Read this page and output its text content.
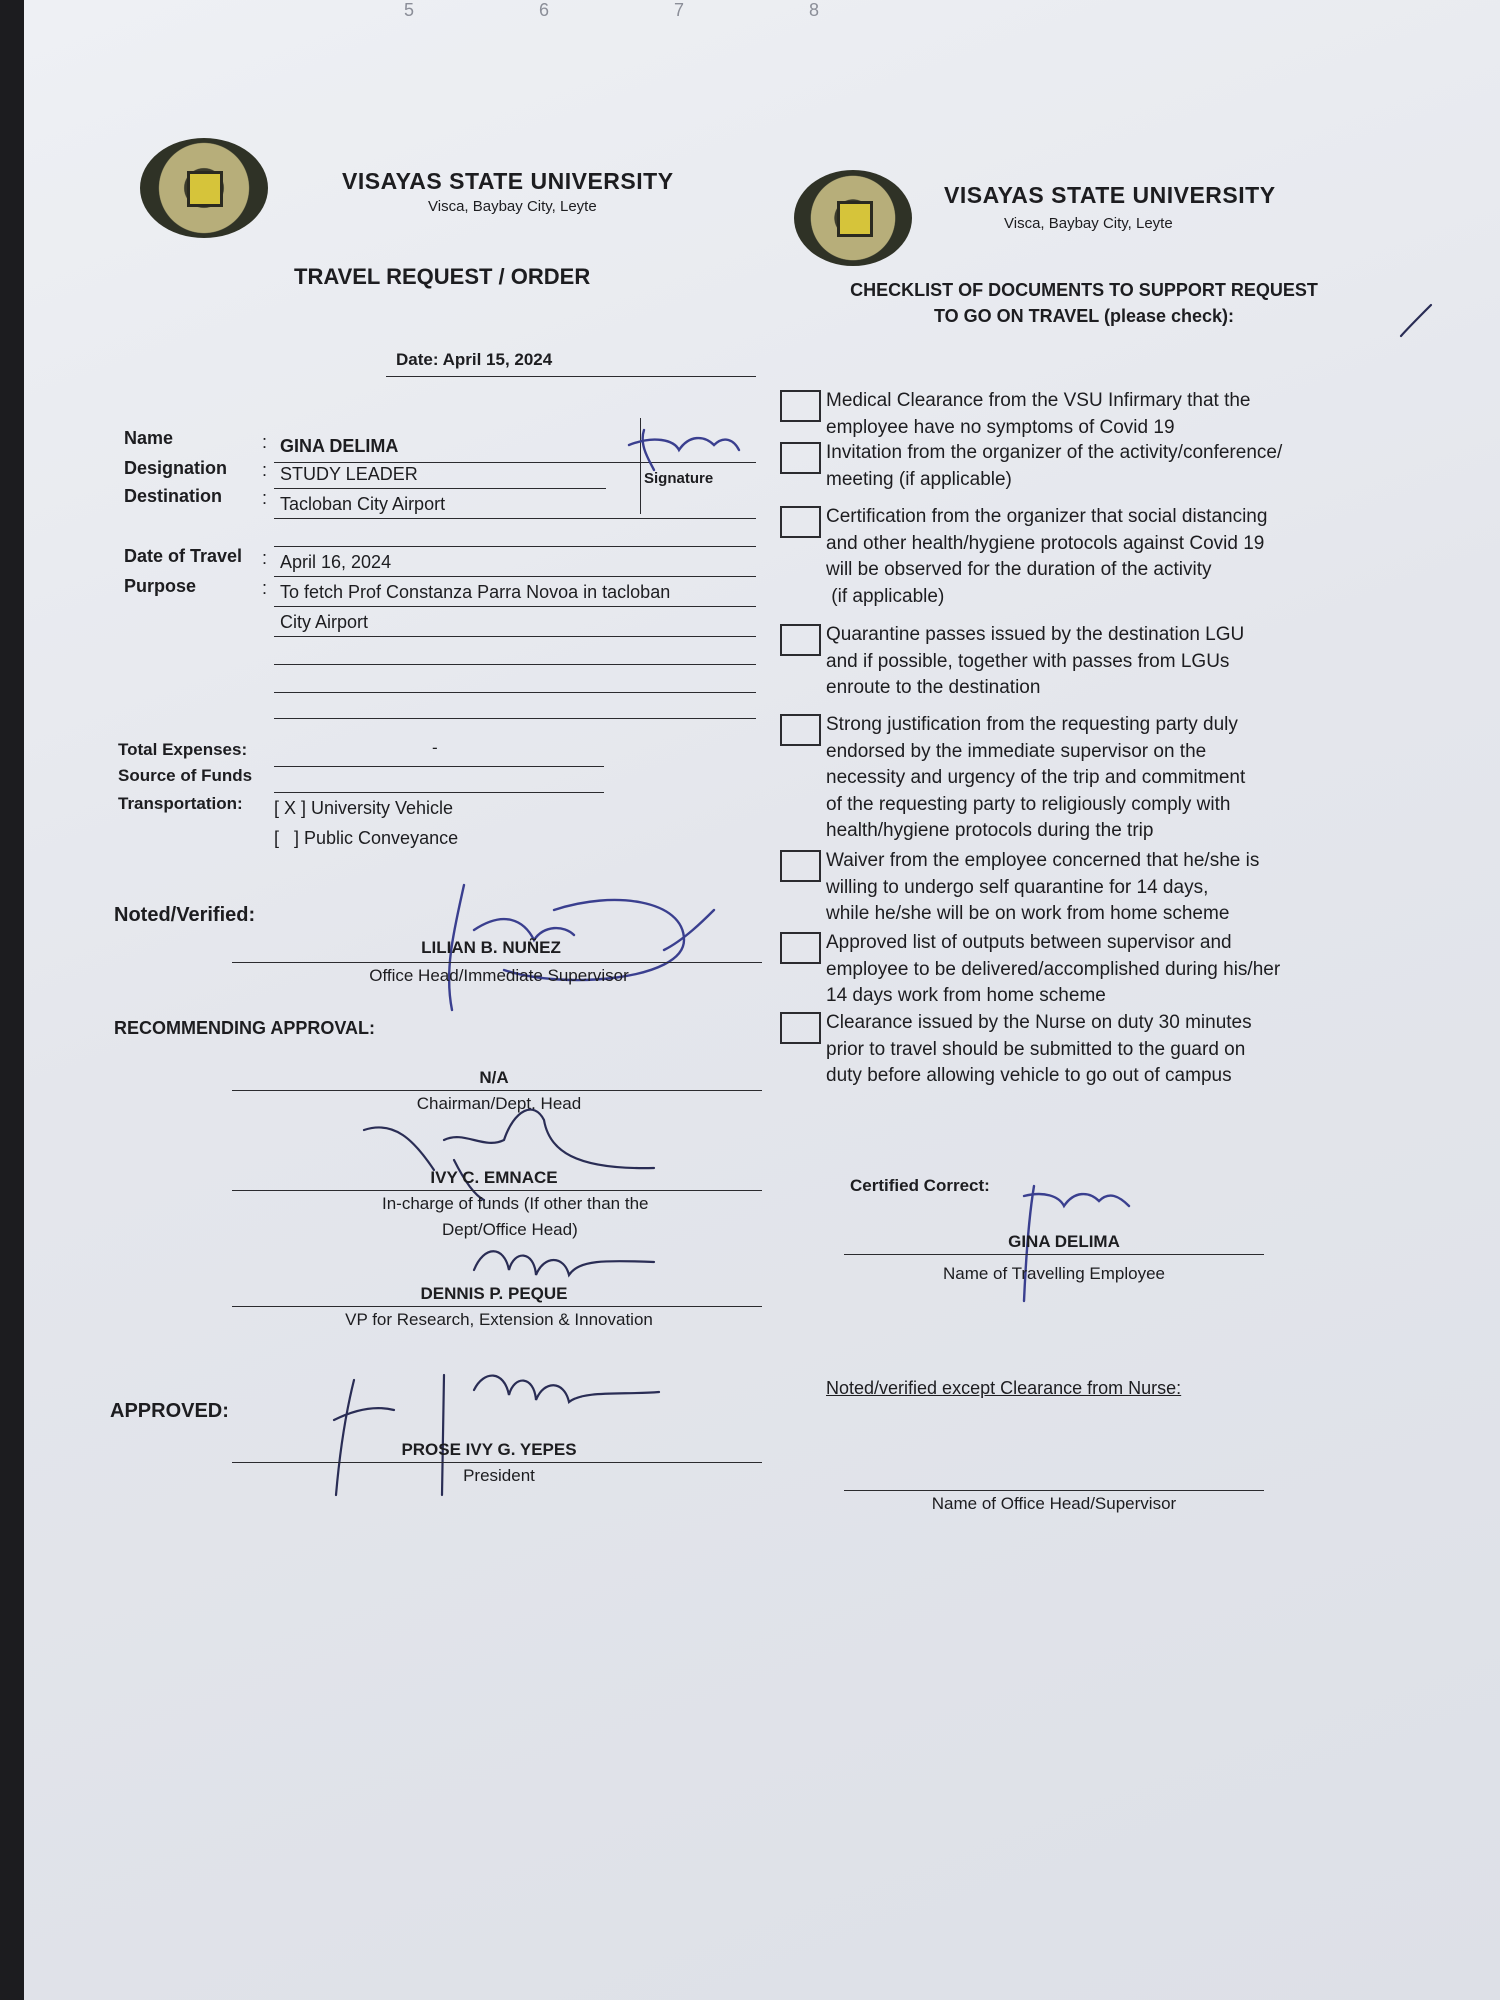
5 6 7 8
VISAYAS STATE UNIVERSITY
Visca, Baybay City, Leyte	VISAYAS STATE UNIVERSITY
Visca, Baybay City, Leyte
TRAVEL REQUEST / ORDER
Date: April 15, 2024
Name	: GINA DELIMA
Designation : STUDY LEADER	Signature
Destination : Tacloban City Airport
Date of Travel : April 16, 2024
Purpose	: To fetch Prof Constanza Parra Novoa in tacloban
City Airport
Total Expenses:	-
Source of Funds
Transportation: [ X ] University Vehicle
[   ] Public Conveyance
Noted/Verified:
LILIAN B. NUÑEZ
Office Head/Immediate Supervisor
RECOMMENDING APPROVAL:
N/A
Chairman/Dept. Head
IVY C. EMNACE
In-charge of funds (If other than the
Dept/Office Head)
DENNIS P. PEQUE
VP for Research, Extension & Innovation
APPROVED:
PROSE IVY G. YEPES
President
CHECKLIST OF DOCUMENTS TO SUPPORT REQUEST
TO GO ON TRAVEL (please check):
Certified Correct:
GINA DELIMA
Name of Travelling Employee
Noted/verified except Clearance from Nurse:
Name of Office Head/Supervisor
Medical Clearance from the VSU Infirmary that the
employee have no symptoms of Covid 19
Invitation from the organizer of the activity/conference/
meeting (if applicable)
Certification from the organizer that social distancing
and other health/hygiene protocols against Covid 19
will be observed for the duration of the activity
(if applicable)
Quarantine passes issued by the destination LGU
and if possible, together with passes from LGUs
enroute to the destination
Strong justification from the requesting party duly
endorsed by the immediate supervisor on the
necessity and urgency of the trip and commitment
of the requesting party to religiously comply with
health/hygiene protocols during the trip
Waiver from the employee concerned that he/she is
willing to undergo self quarantine for 14 days,
while he/she will be on work from home scheme
Approved list of outputs between supervisor and
employee to be delivered/accomplished during his/her
14 days work from home scheme
Clearance issued by the Nurse on duty 30 minutes
prior to travel should be submitted to the guard on
duty before allowing vehicle to go out of campus
